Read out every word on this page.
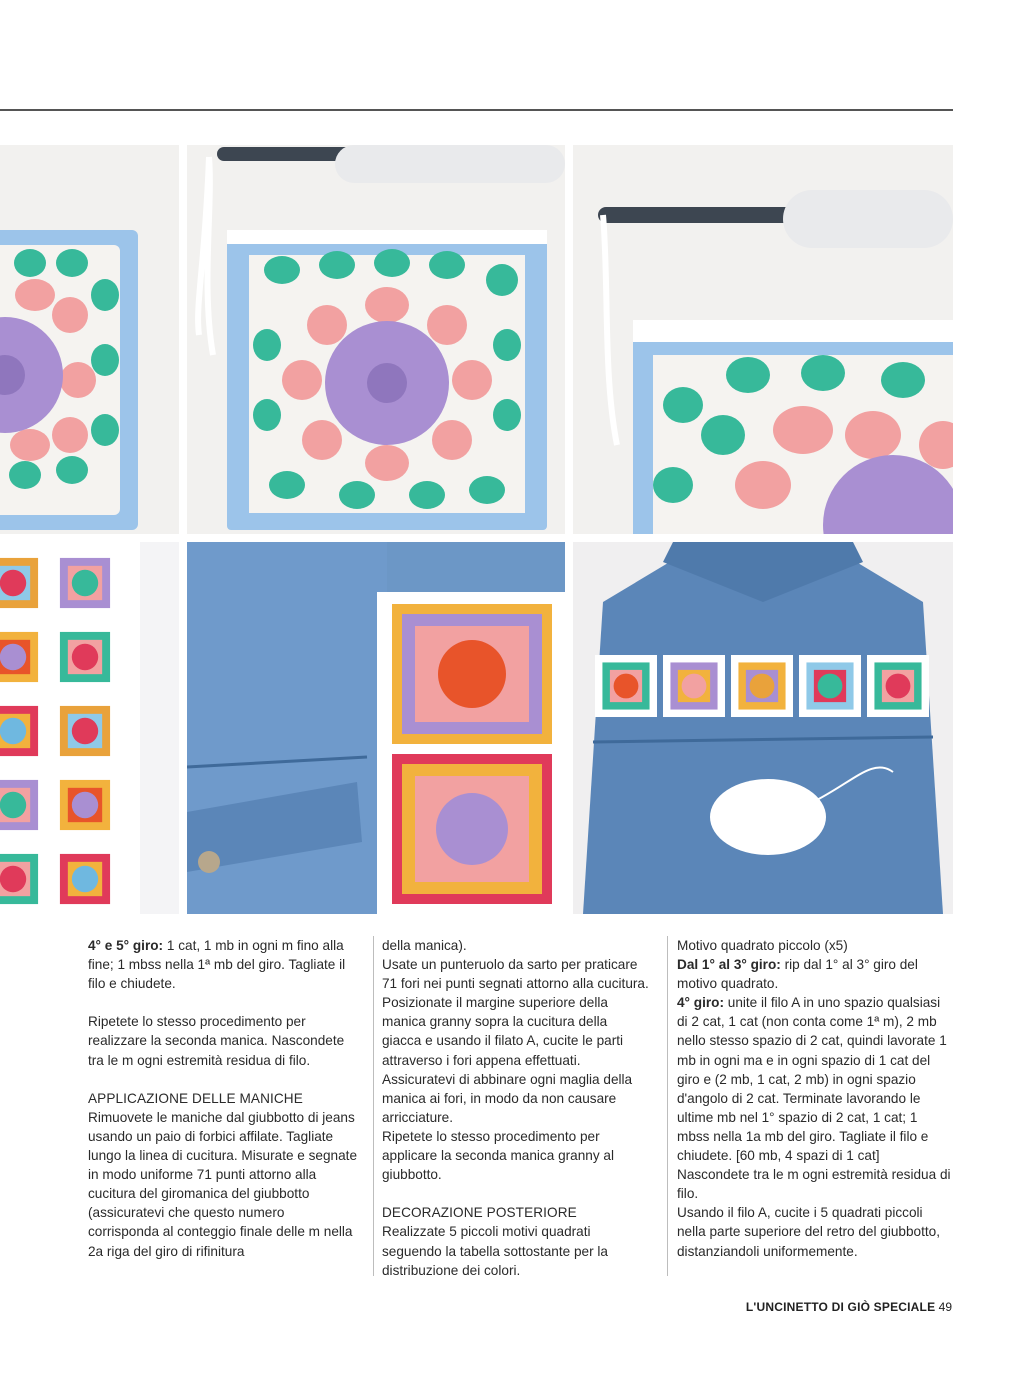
4° e 5° giro: 1 cat, 1 mb in ogni m fino alla fine; 1 mbss nella 1ª mb del giro. Tagliate il filo e chiudete.

Ripetete lo stesso procedimento per realizzare la seconda manica. Nascondete tra le m ogni estremità residua di filo.

APPLICAZIONE DELLE MANICHE

Rimuovete le maniche dal giubbotto di jeans usando un paio di forbici affilate. Tagliate lungo la linea di cucitura. Misurate e segnate in modo uniforme 71 punti attorno alla cucitura del giromanica del giubbotto (assicuratevi che questo numero corrisponda al conteggio finale delle m nella 2a riga del giro di rifinitura

della manica).

Usate un punteruolo da sarto per praticare 71 fori nei punti segnati attorno alla cucitura. Posizionate il margine superiore della manica granny sopra la cucitura della giacca e usando il filato A, cucite le parti attraverso i fori appena effettuati. Assicuratevi di abbinare ogni maglia della manica ai fori, in modo da non causare arricciature.

Ripetete lo stesso procedimento per applicare la seconda manica granny al giubbotto.

DECORAZIONE POSTERIORE

Realizzate 5 piccoli motivi quadrati seguendo la tabella sottostante per la distribuzione dei colori.

Motivo quadrato piccolo (x5)

Dal 1° al 3° giro: rip dal 1° al 3° giro del motivo quadrato.

4° giro: unite il filo A in uno spazio qualsiasi di 2 cat, 1 cat (non conta come 1ª m), 2 mb nello stesso spazio di 2 cat, quindi lavorate 1 mb in ogni ma e in ogni spazio di 1 cat del giro e (2 mb, 1 cat, 2 mb) in ogni spazio d'angolo di 2 cat. Terminate lavorando le ultime mb nel 1° spazio di 2 cat, 1 cat; 1 mbss nella 1a mb del giro. Tagliate il filo e chiudete. [60 mb, 4 spazi di 1 cat]

Nascondete tra le m ogni estremità residua di filo.

Usando il filo A, cucite i 5 quadrati piccoli nella parte superiore del retro del giubbotto, distanziandoli uniformemente.

L'UNCINETTO DI GIÒ SPECIALE 49
